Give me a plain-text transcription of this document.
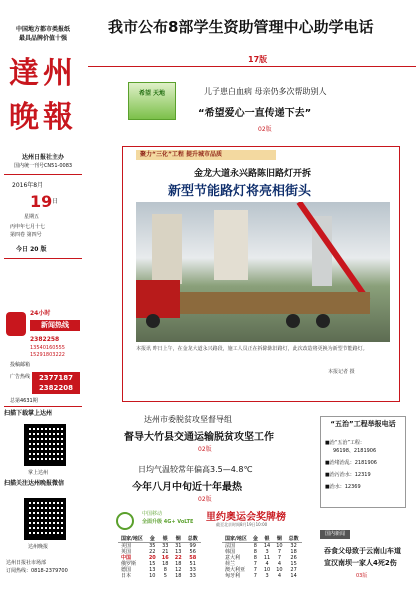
中国地方都市类报纸
最具品牌价值十强
達州晚報
达州日报社主办
国内统一刊号CN51-0083
2016年8月
19 日
星期五
丙申年七月十七
第四卷 第四号
今日 20 版
24小时
新闻热线
2382258
13540160555
15291803222
投稿邮箱
广告热线	2377187
2382208
总第4631期
扫描下载掌上达州
掌上达州
扫描关注达州晚报微信
达州晚报
达州日报社市场部
订阅热线：0818-2379700
我市公布8部学生资助管理中心助学电话
17版
希望 天地	儿子患白血病 母亲仍多次帮助别人
“希望爱心一直传递下去”
02版
聚力“三化”工程 提升城市品质
金龙大道永兴路陈旧路灯开拆
新型节能路灯将亮相街头
本报讯 昨日上午，在金龙大道永兴路段，施工人员正在拆除陈旧路灯，此次改造将更换为新型节能路灯。
本报记者 摄
达州市委脱贫攻坚督导组
督导大竹县交通运输脱贫攻坚工作
02版
日均气温较常年偏高3.5—4.8℃
今年八月中旬近十年最热
02版
中国移动
全面升级 4G+ VoLTE 里约奥运会奖牌榜
截至北京时间8月19日10:00
国家/地区	金	银	铜	总数
美国	35	33	31	99
英国	22	21	13	56
中国	20	16	22	58
俄罗斯	15	18	18	51
德国	13	8	12	33
日本	10	5	18	33
国家/地区	金	银	铜	总数
法国	8	14	10	32
韩国	8	3	7	18
意大利	8	11	7	26
荷兰	7	4	4	15
澳大利亚	7	10	10	27
匈牙利	7	3	4	14
“五治”工程举报电话
■治“五治”工程：
96198、2181906
■治堵治乱：2181906
■治污治水：12319
■治水：12369
国内新闻
吞食父母致于云南山车道
宣汉南坝一家人4死2伤
03版
